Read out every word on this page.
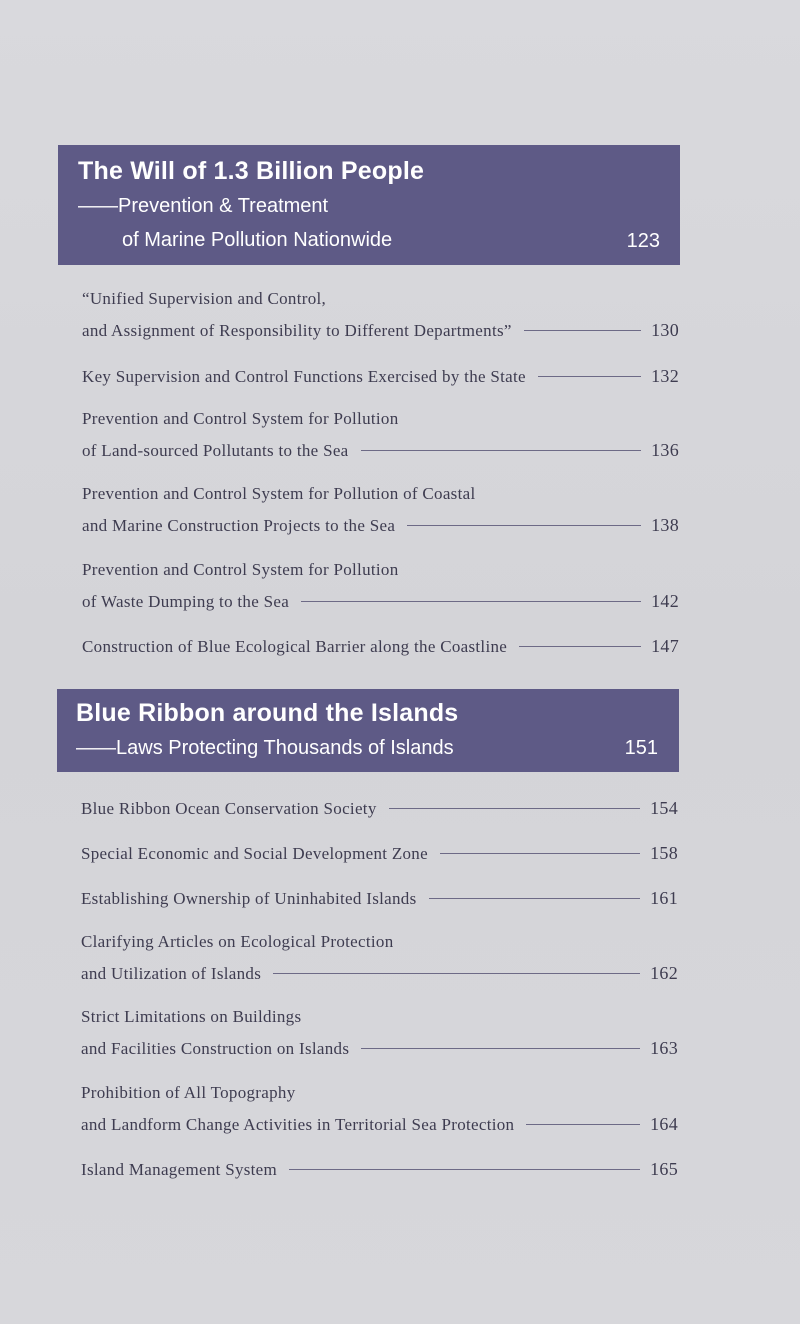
The Will of 1.3 Billion People
——Prevention & Treatment
of Marine Pollution Nationwide	123
“Unified Supervision and Control,
and Assignment of Responsibility to Different Departments”	130
Key Supervision and Control Functions Exercised by the State	132
Prevention and Control System for Pollution
of Land-sourced Pollutants to the Sea	136
Prevention and Control System for Pollution of Coastal
and Marine Construction Projects to the Sea	138
Prevention and Control System for Pollution
of Waste Dumping to the Sea	142
Construction of Blue Ecological Barrier along the Coastline	147
Blue Ribbon around the Islands
——Laws Protecting Thousands of Islands	151
Blue Ribbon Ocean Conservation Society	154
Special Economic and Social Development Zone	158
Establishing Ownership of Uninhabited Islands	161
Clarifying Articles on Ecological Protection
and Utilization of Islands	162
Strict Limitations on Buildings
and Facilities Construction on Islands	163
Prohibition of All Topography
and Landform Change Activities in Territorial Sea Protection	164
Island Management System	165
